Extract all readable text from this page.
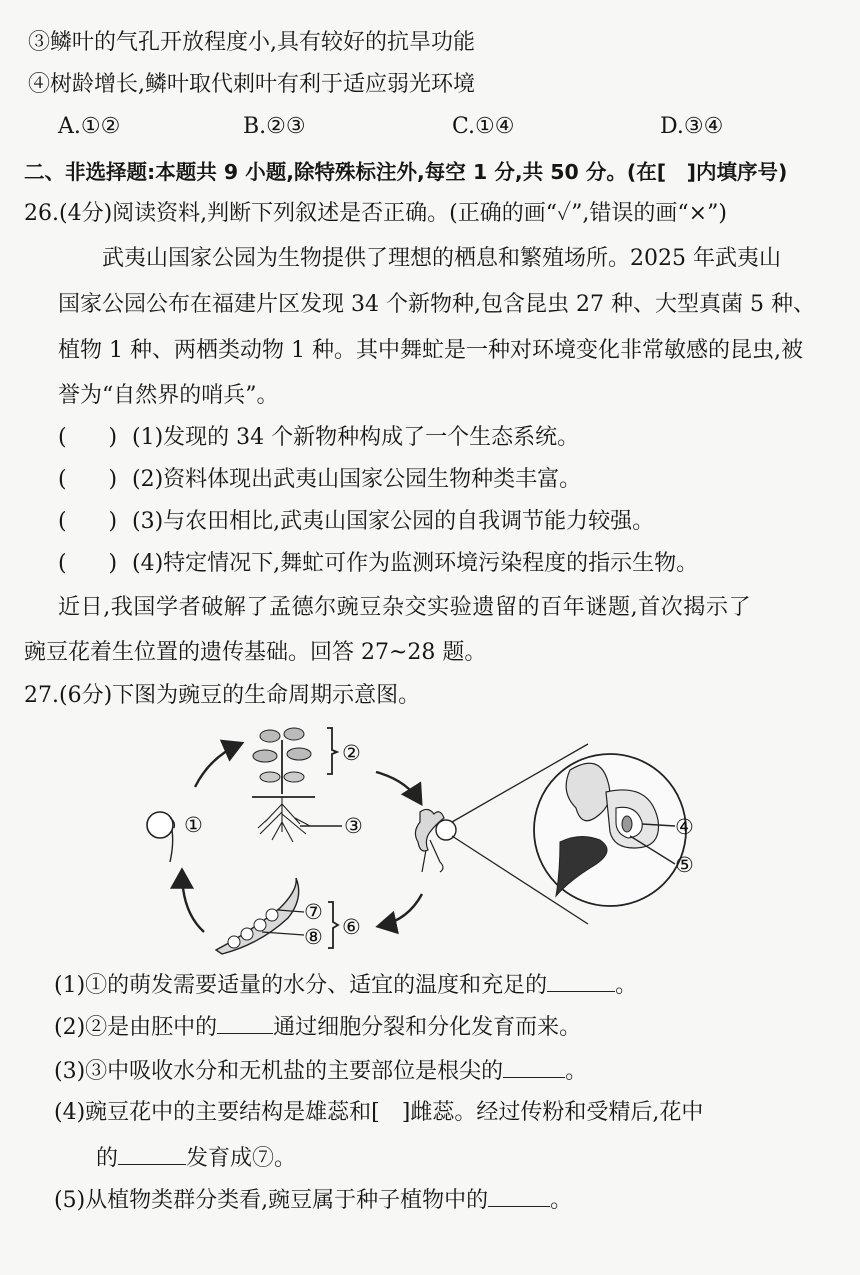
③鳞叶的气孔开放程度小,具有较好的抗旱功能
④树龄增长,鳞叶取代刺叶有利于适应弱光环境
A.①②	B.②③	C.①④	D.③④
二、非选择题:本题共 9 小题,除特殊标注外,每空 1 分,共 50 分。(在[　]内填序号)
26.(4分)阅读资料,判断下列叙述是否正确。(正确的画“✓”,错误的画“×”)
武夷山国家公园为生物提供了理想的栖息和繁殖场所。2025 年武夷山
国家公园公布在福建片区发现 34 个新物种,包含昆虫 27 种、大型真菌 5 种、
植物 1 种、两栖类动物 1 种。其中舞虻是一种对环境变化非常敏感的昆虫,被
誉为“自然界的哨兵”。
(      ) (1)发现的 34 个新物种构成了一个生态系统。
(      ) (2)资料体现出武夷山国家公园生物种类丰富。
(      ) (3)与农田相比,武夷山国家公园的自我调节能力较强。
(      ) (4)特定情况下,舞虻可作为监测环境污染程度的指示生物。
近日,我国学者破解了孟德尔豌豆杂交实验遗留的百年谜题,首次揭示了
豌豆花着生位置的遗传基础。回答 27~28 题。
27.(6分)下图为豌豆的生命周期示意图。
①
②
③	④
⑤
⑦
⑧ ⑥
(1)①的萌发需要适量的水分、适宜的温度和充足的	。
(2)②是由胚中的	通过细胞分裂和分化发育而来。
(3)③中吸收水分和无机盐的主要部位是根尖的	。
(4)豌豆花中的主要结构是雄蕊和[　]雌蕊。经过传粉和受精后,花中
的	发育成⑦。
(5)从植物类群分类看,豌豆属于种子植物中的	。
